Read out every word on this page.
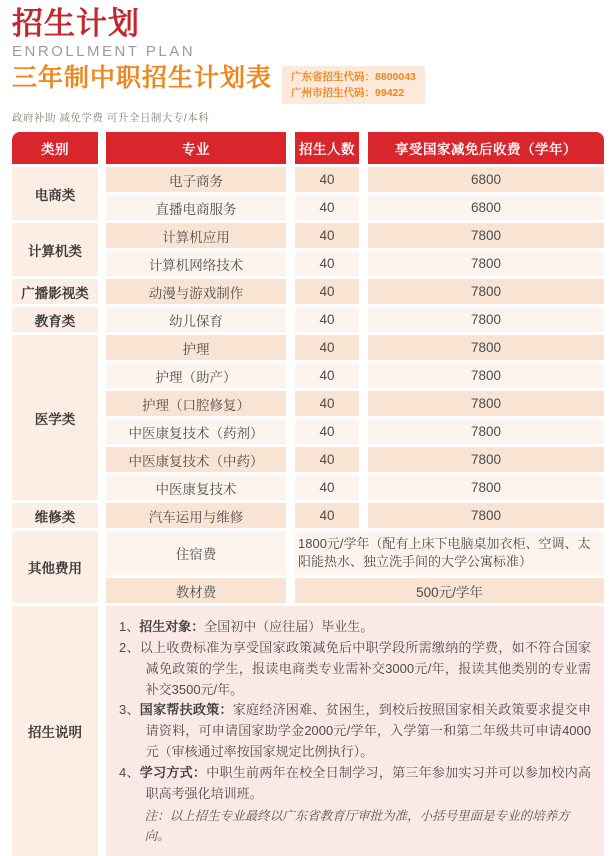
招生计划
ENROLLMENT PLAN
三年制中职招生计划表 广东省招生代码：8800043
广州市招生代码：99422
政府补助 减免学费 可升全日制大专/本科
类别	专业	招生人数	享受国家减免后收费（学年）
电商类
电子商务	40	6800
直播电商服务	40	6800
计算机类
计算机应用	40	7800
计算机网络技术	40	7800
广播影视类	动漫与游戏制作	40	7800
教育类	幼儿保育	40	7800
医学类
护理	40	7800
护理（助产）	40	7800
护理（口腔修复）	40	7800
中医康复技术（药剂）	40	7800
中医康复技术（中药）	40	7800
中医康复技术	40	7800
维修类	汽车运用与维修	40	7800
其他费用
住宿费
1800元/学年（配有上床下电脑桌加衣柜、空调、太阳能热水、独立洗手间的大学公寓标准）
教材费	500元/学年
招生说明
1、招生对象：全国初中（应往届）毕业生。
2、以上收费标准为享受国家政策减免后中职学段所需缴纳的学费，如不符合国家减免政策的学生，报读电商类专业需补交3000元/年，报读其他类别的专业需补交3500元/年。
3、国家帮扶政策：家庭经济困难、贫困生，到校后按照国家相关政策要求提交申请资料，可申请国家助学金2000元/学年，入学第一和第二年级共可申请4000元（审核通过率按国家规定比例执行）。
4、学习方式：中职生前两年在校全日制学习，第三年参加实习并可以参加校内高职高考强化培训班。
注：以上招生专业最终以广东省教育厅审批为准，小括号里面是专业的培养方向。
